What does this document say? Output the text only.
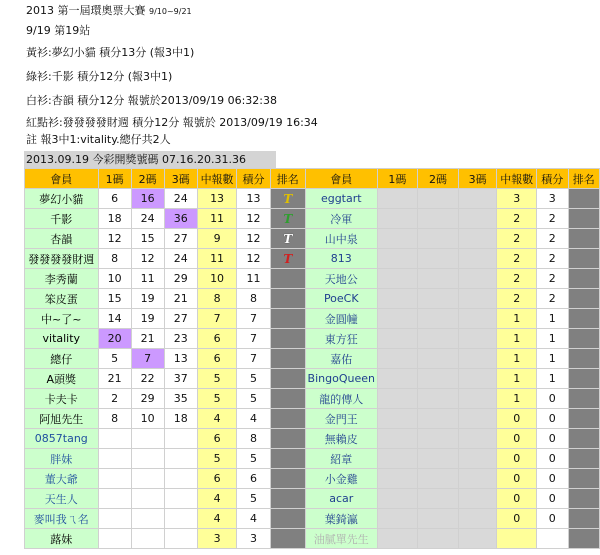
2013 第一屆環奧票大賽 9/10~9/21
9/19 第19站
黃衫:夢幻小貓 積分13分 (報3中1)
綠衫:千影 積分12分 (報3中1)
白衫:杏韻 積分12分 報號於2013/09/19 06:32:38
紅點衫:發發發發財週 積分12分 報號於 2013/09/19 16:34
註 報3中1:vitality.總仔共2人
2013.09.19 今彩開獎號碼 07.16.20.31.36
會員	1碼	2碼	3碼	中報數	積分	排名	會員	1碼	2碼	3碼	中報數	積分	排名
夢幻小貓	6	16	24	13	13	T	eggtart				3	3	
千影	18	24	36	11	12	T	冷軍				2	2	
杏韻	12	15	27	9	12	T	山中泉				2	2	
發發發發財週	8	12	24	11	12	T	813				2	2	
李秀蘭	10	11	29	10	11		天地公				2	2	
笨皮蛋	15	19	21	8	8		PoeCK				2	2	
中~了~	14	19	27	7	7		金圓幢				1	1	
vitality	20	21	23	6	7		東方狂				1	1	
總仔	5	7	13	6	7		嘉佑				1	1	
A頭獎	21	22	37	5	5		BingoQueen				1	1	
卡夫卡	2	29	35	5	5		龍的傳人				1	0	
阿旭先生	8	10	18	4	4		金門王				0	0	
0857tang				6	8		無賴皮				0	0	
胖妹				5	5		紹章				0	0	
董大爺				6	6		小金雞				0	0	
天生人				4	5		acar				0	0	
麥叫我ㄟ名				4	4		葉錡瀛				0	0	
蕗妹				3	3		油膩單先生						
